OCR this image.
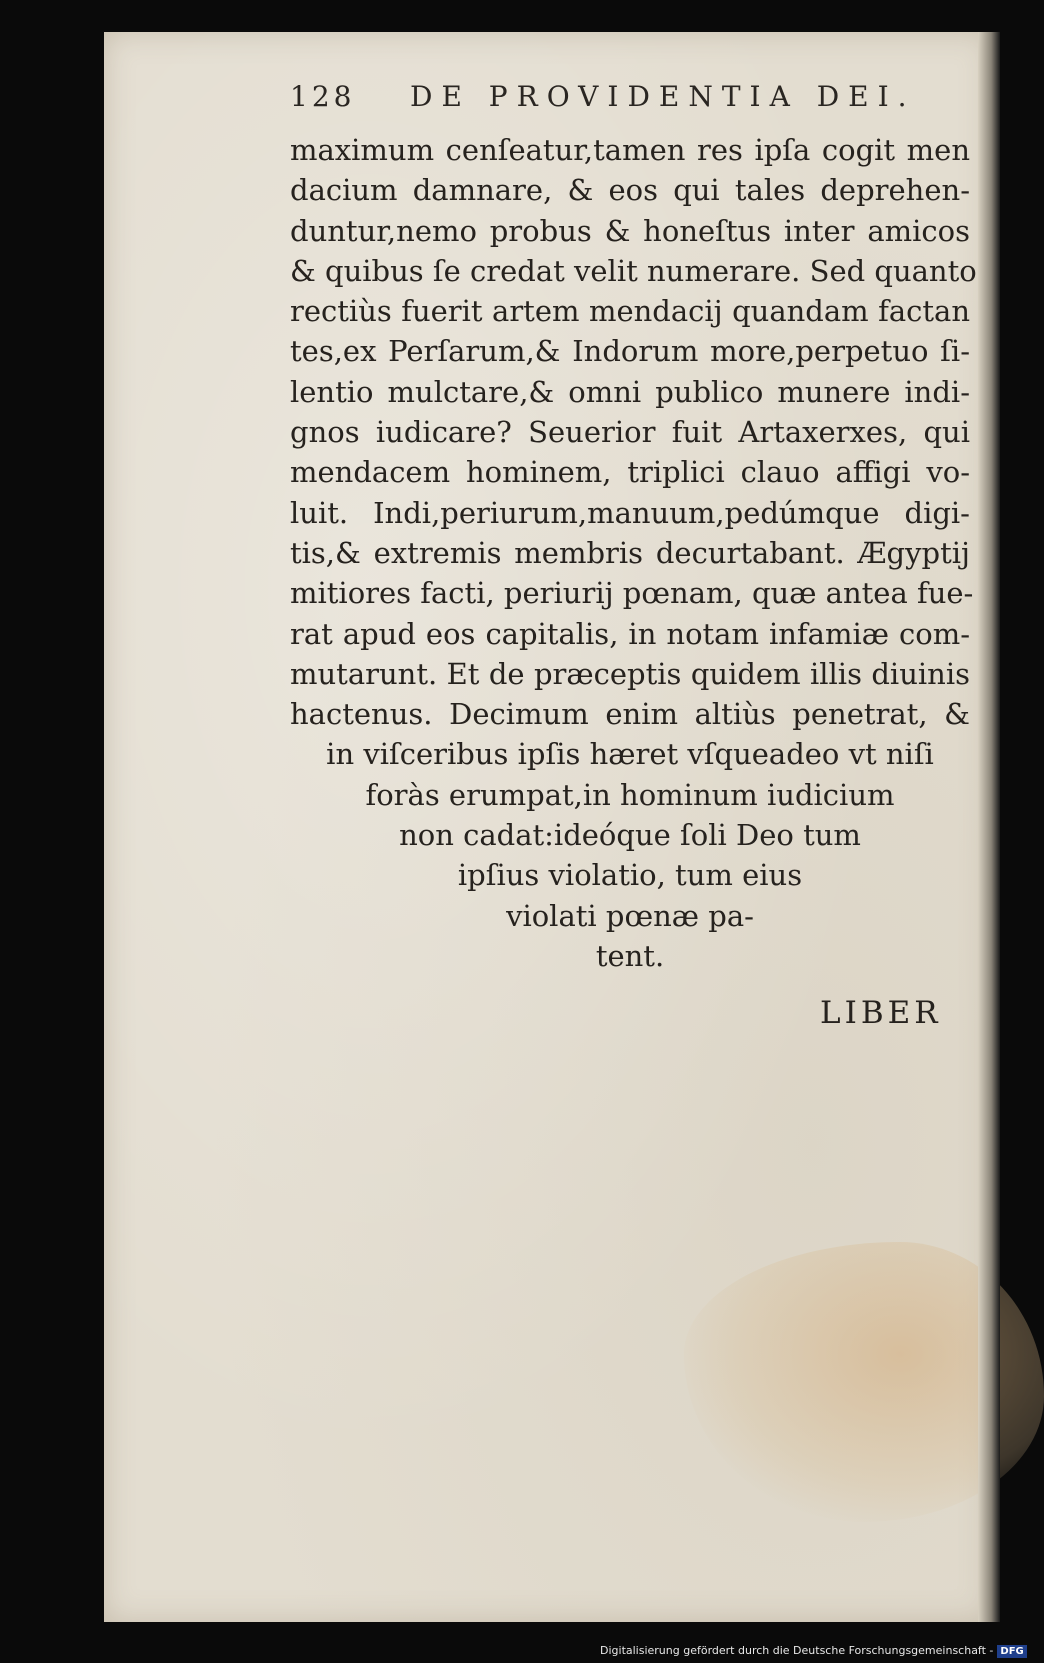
128 DE PROVIDENTIA DEI.
maximum cenſeatur,tamen res ipſa cogit men
dacium damnare, & eos qui tales deprehen-
duntur,nemo probus & honeſtus inter amicos
& quibus ſe credat velit numerare. Sed quanto
rectiùs fuerit artem mendacij quandam factan
tes,ex Perſarum,& Indorum more,perpetuo ſi-
lentio mulctare,& omni publico munere indi-
gnos iudicare? Seuerior fuit Artaxerxes, qui
mendacem hominem, triplici clauo affigi vo-
luit. Indi,periurum,manuum,pedúmque digi-
tis,& extremis membris decurtabant. Ægyptij
mitiores facti, periurij pœnam, quæ antea fue-
rat apud eos capitalis, in notam infamiæ com-
mutarunt. Et de præceptis quidem illis diuinis
hactenus. Decimum enim altiùs penetrat, &
in viſceribus ipſis hæret vſqueadeo vt niſi
foràs erumpat,in hominum iudicium
non cadat:ideóque ſoli Deo tum
ipſius violatio, tum eius
violati pœnæ pa-
tent.
LIBER
Digitalisierung gefördert durch die Deutsche Forschungsgemeinschaft - DFG
